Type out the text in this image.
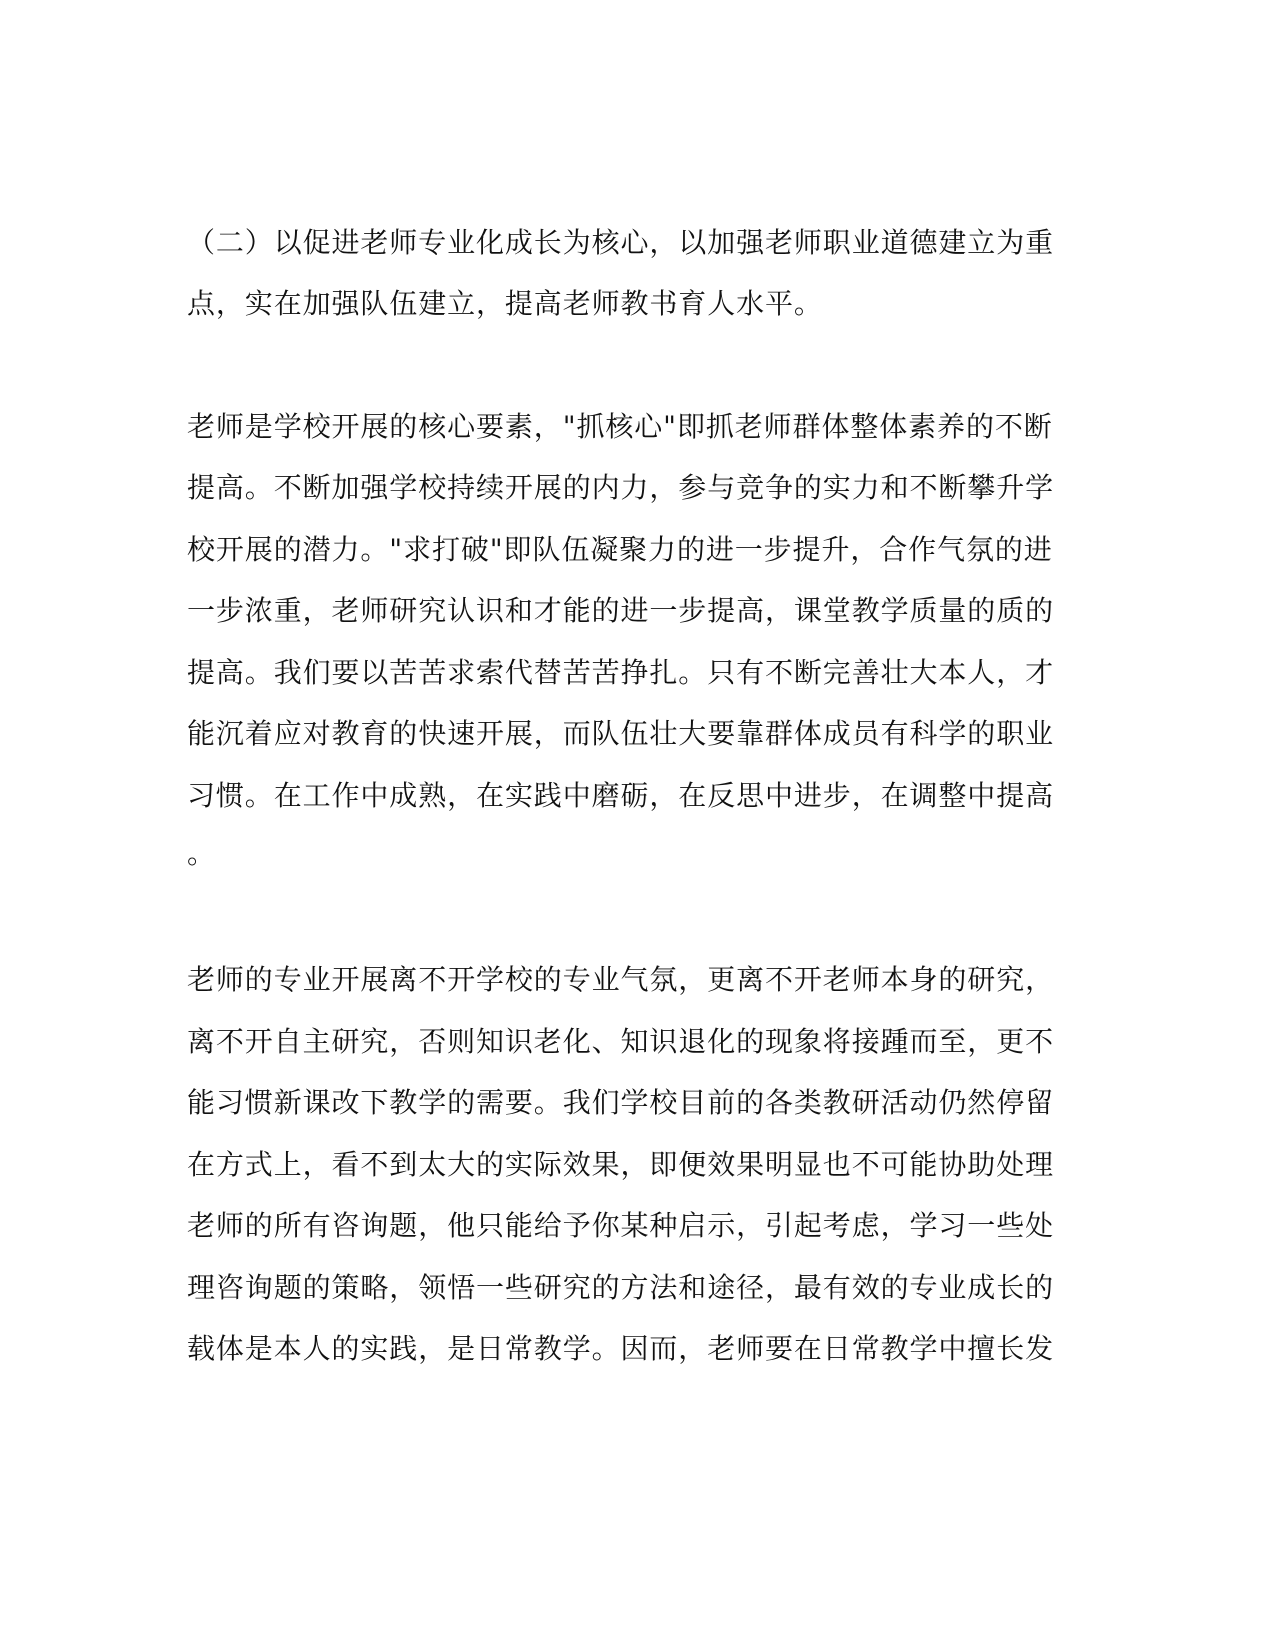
（二）以促进老师专业化成长为核心，以加强老师职业道德建立为重
点，实在加强队伍建立，提高老师教书育人水平。
老师是学校开展的核心要素，"抓核心"即抓老师群体整体素养的不断
提高。不断加强学校持续开展的内力，参与竞争的实力和不断攀升学
校开展的潜力。"求打破"即队伍凝聚力的进一步提升，合作气氛的进
一步浓重，老师研究认识和才能的进一步提高，课堂教学质量的质的
提高。我们要以苦苦求索代替苦苦挣扎。只有不断完善壮大本人，才
能沉着应对教育的快速开展，而队伍壮大要靠群体成员有科学的职业
习惯。在工作中成熟，在实践中磨砺，在反思中进步，在调整中提高
。
老师的专业开展离不开学校的专业气氛，更离不开老师本身的研究，
离不开自主研究，否则知识老化、知识退化的现象将接踵而至，更不
能习惯新课改下教学的需要。我们学校目前的各类教研活动仍然停留
在方式上，看不到太大的实际效果，即便效果明显也不可能协助处理
老师的所有咨询题，他只能给予你某种启示，引起考虑，学习一些处
理咨询题的策略，领悟一些研究的方法和途径，最有效的专业成长的
载体是本人的实践，是日常教学。因而，老师要在日常教学中擅长发
